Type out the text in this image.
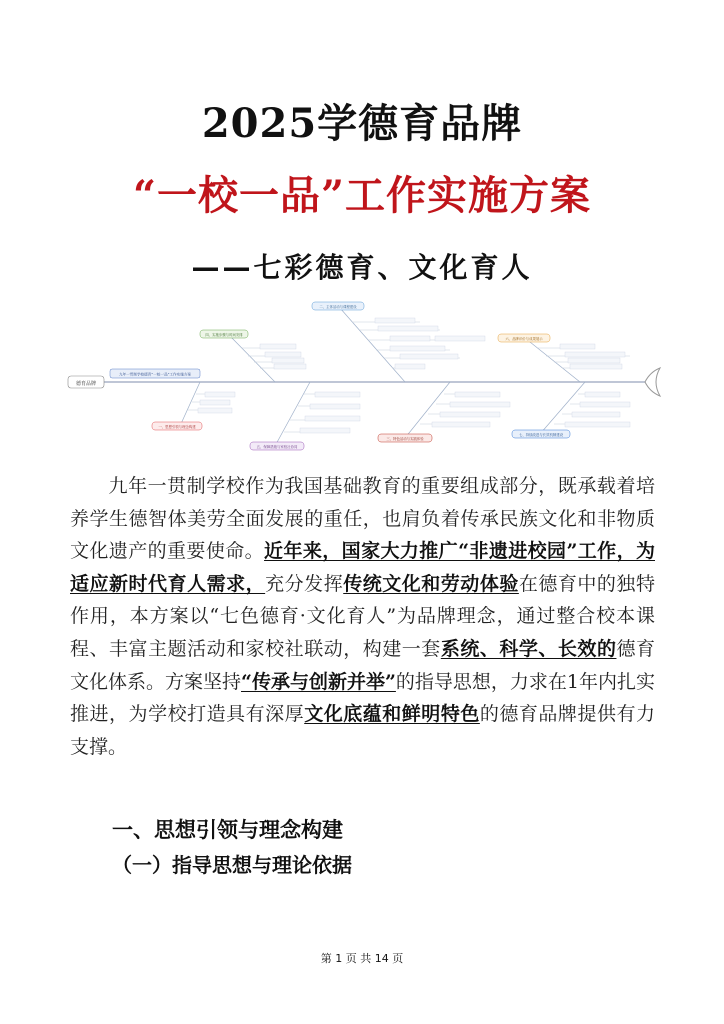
2025学德育品牌
“一校一品”工作实施方案
——七彩德育、文化育人
德育品牌
九年一贯制学校德育“一校一品”工作实施方案
四、实施步骤与时间安排
二、主体活动与课程建设
六、品牌评价与成果展示
一、思想引领与理念构建
五、保障措施与家校社协同
三、特色活动与实践体验
七、持续改进与长效机制建设
九年一贯制学校作为我国基础教育的重要组成部分，既承载着培养学生德智体美劳全面发展的重任，也肩负着传承民族文化和非物质文化遗产的重要使命。近年来，国家大力推广“非遗进校园”工作，为适应新时代育人需求，充分发挥传统文化和劳动体验在德育中的独特作用，本方案以“七色德育·文化育人”为品牌理念，通过整合校本课程、丰富主题活动和家校社联动，构建一套系统、科学、长效的德育文化体系。方案坚持“传承与创新并举”的指导思想，力求在1年内扎实推进，为学校打造具有深厚文化底蕴和鲜明特色的德育品牌提供有力支撑。
一、思想引领与理念构建
（一）指导思想与理论依据
第 1 页 共 14 页
